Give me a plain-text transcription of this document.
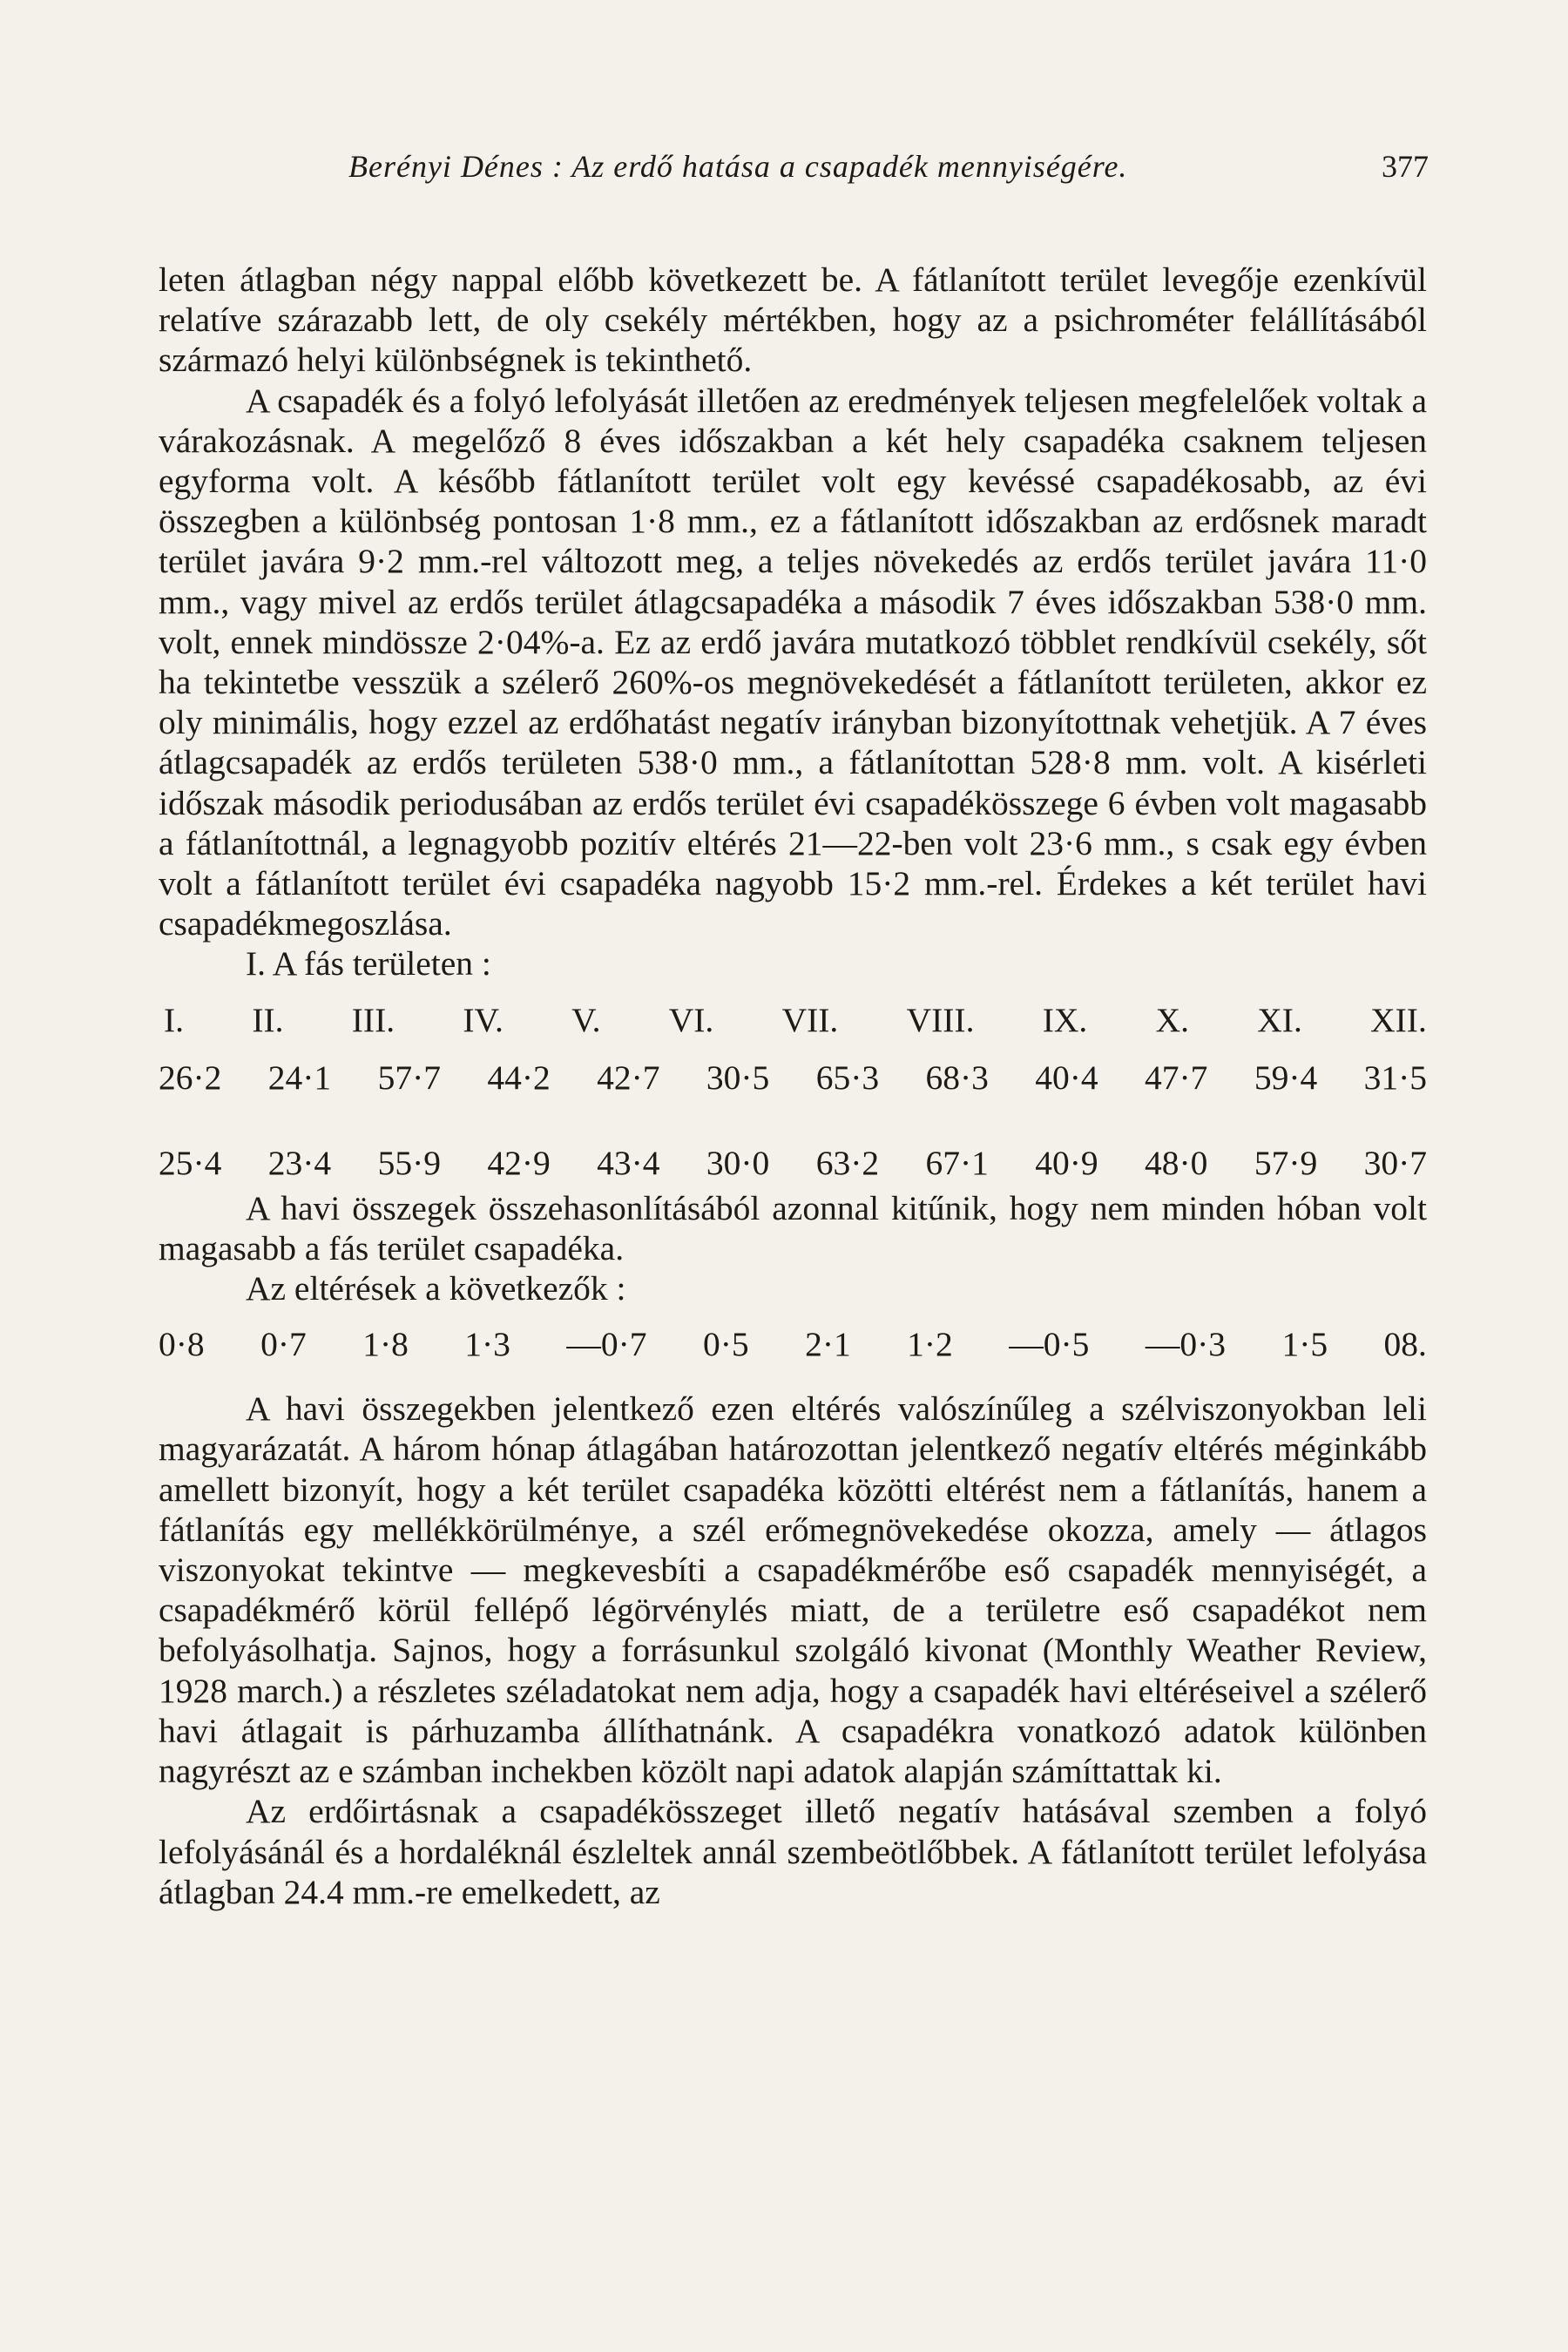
Berényi Dénes : Az erdő hatása a csapadék mennyiségére.	377

leten átlagban négy nappal előbb következett be. A fátlanított terület levegője ezenkívül relatíve szárazabb lett, de oly csekély mértékben, hogy az a psichrométer felállításából származó helyi különbségnek is tekinthető.

A csapadék és a folyó lefolyását illetően az eredmények teljesen megfelelőek voltak a várakozásnak. A megelőző 8 éves időszakban a két hely csapadéka csaknem teljesen egyforma volt. A később fátlanított terület volt egy kevéssé csapadékosabb, az évi összegben a különbség pontosan 1·8 mm., ez a fátlanított időszakban az erdősnek maradt terület javára 9·2 mm.-rel változott meg, a teljes növekedés az erdős terület javára 11·0 mm., vagy mivel az erdős terület átlagcsapadéka a második 7 éves időszakban 538·0 mm. volt, ennek mindössze 2·04%-a. Ez az erdő javára mutatkozó többlet rendkívül csekély, sőt ha tekintetbe vesszük a szélerő 260%-os megnövekedését a fátlanított területen, akkor ez oly minimális, hogy ezzel az erdőhatást negatív irányban bizonyítottnak vehetjük. A 7 éves átlagcsapadék az erdős területen 538·0 mm., a fátlanítottan 528·8 mm. volt. A kisérleti időszak második periodusában az erdős terület évi csapadékösszege 6 évben volt magasabb a fátlanítottnál, a legnagyobb pozitív eltérés 21—22-ben volt 23·6 mm., s csak egy évben volt a fátlanított terület évi csapadéka nagyobb 15·2 mm.-rel. Érdekes a két terület havi csapadékmegoszlása.

I. A fás területen :

I. II. III. IV. V. VI. VII. VIII. IX. X. XI. XII.
26·2 24·1 57·7 44·2 42·7 30·5 65·3 68·3 40·4 47·7 59·4 31·5
25·4 23·4 55·9 42·9 43·4 30·0 63·2 67·1 40·9 48·0 57·9 30·7

A havi összegek összehasonlításából azonnal kitűnik, hogy nem minden hóban volt magasabb a fás terület csapadéka.

Az eltérések a következők :

0·8 0·7 1·8 1·3 —0·7 0·5 2·1 1·2 —0·5 —0·3 1·5 08.

A havi összegekben jelentkező ezen eltérés valószínűleg a szélviszonyokban leli magyarázatát. A három hónap átlagában határozottan jelentkező negatív eltérés méginkább amellett bizonyít, hogy a két terület csapadéka közötti eltérést nem a fátlanítás, hanem a fátlanítás egy mellékkörülménye, a szél erőmegnövekedése okozza, amely — átlagos viszonyokat tekintve — megkevesbíti a csapadékmérőbe eső csapadék mennyiségét, a csapadékmérő körül fellépő légörvénylés miatt, de a területre eső csapadékot nem befolyásolhatja. Sajnos, hogy a forrásunkul szolgáló kivonat (Monthly Weather Review, 1928 march.) a részletes széladatokat nem adja, hogy a csapadék havi eltéréseivel a szélerő havi átlagait is párhuzamba állíthatnánk. A csapadékra vonatkozó adatok különben nagyrészt az e számban inchekben közölt napi adatok alapján számíttattak ki.

Az erdőirtásnak a csapadékösszeget illető negatív hatásával szemben a folyó lefolyásánál és a hordaléknál észleltek annál szembeötlőbbek. A fátlanított terület lefolyása átlagban 24.4 mm.-re emelkedett, az
